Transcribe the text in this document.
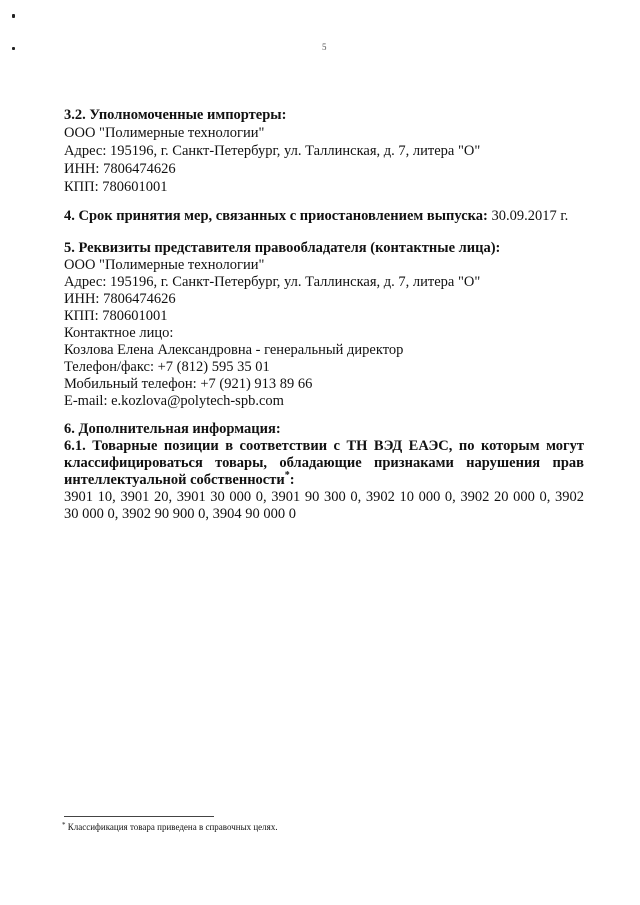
5
3.2. Уполномоченные импортеры:
ООО "Полимерные технологии"
Адрес: 195196, г. Санкт-Петербург, ул. Таллинская, д. 7, литера "О"
ИНН: 7806474626
КПП: 780601001
4. Срок принятия мер, связанных с приостановлением выпуска: 30.09.2017 г.
5. Реквизиты представителя правообладателя (контактные лица):
ООО "Полимерные технологии"
Адрес: 195196, г. Санкт-Петербург, ул. Таллинская, д. 7, литера "О"
ИНН: 7806474626
КПП: 780601001
Контактное лицо:
Козлова Елена Александровна - генеральный директор
Телефон/факс: +7 (812) 595 35 01
Мобильный телефон: +7 (921) 913 89 66
E-mail: e.kozlova@polytech-spb.com
6. Дополнительная информация:
6.1. Товарные позиции в соответствии с ТН ВЭД ЕАЭС, по которым могут
классифицироваться товары, обладающие признаками нарушения прав
интеллектуальной собственности*:
3901 10, 3901 20, 3901 30 000 0, 3901 90 300 0, 3902 10 000 0, 3902 20 000 0, 3902
30 000 0, 3902 90 900 0, 3904 90 000 0
* Классификация товара приведена в справочных целях.
